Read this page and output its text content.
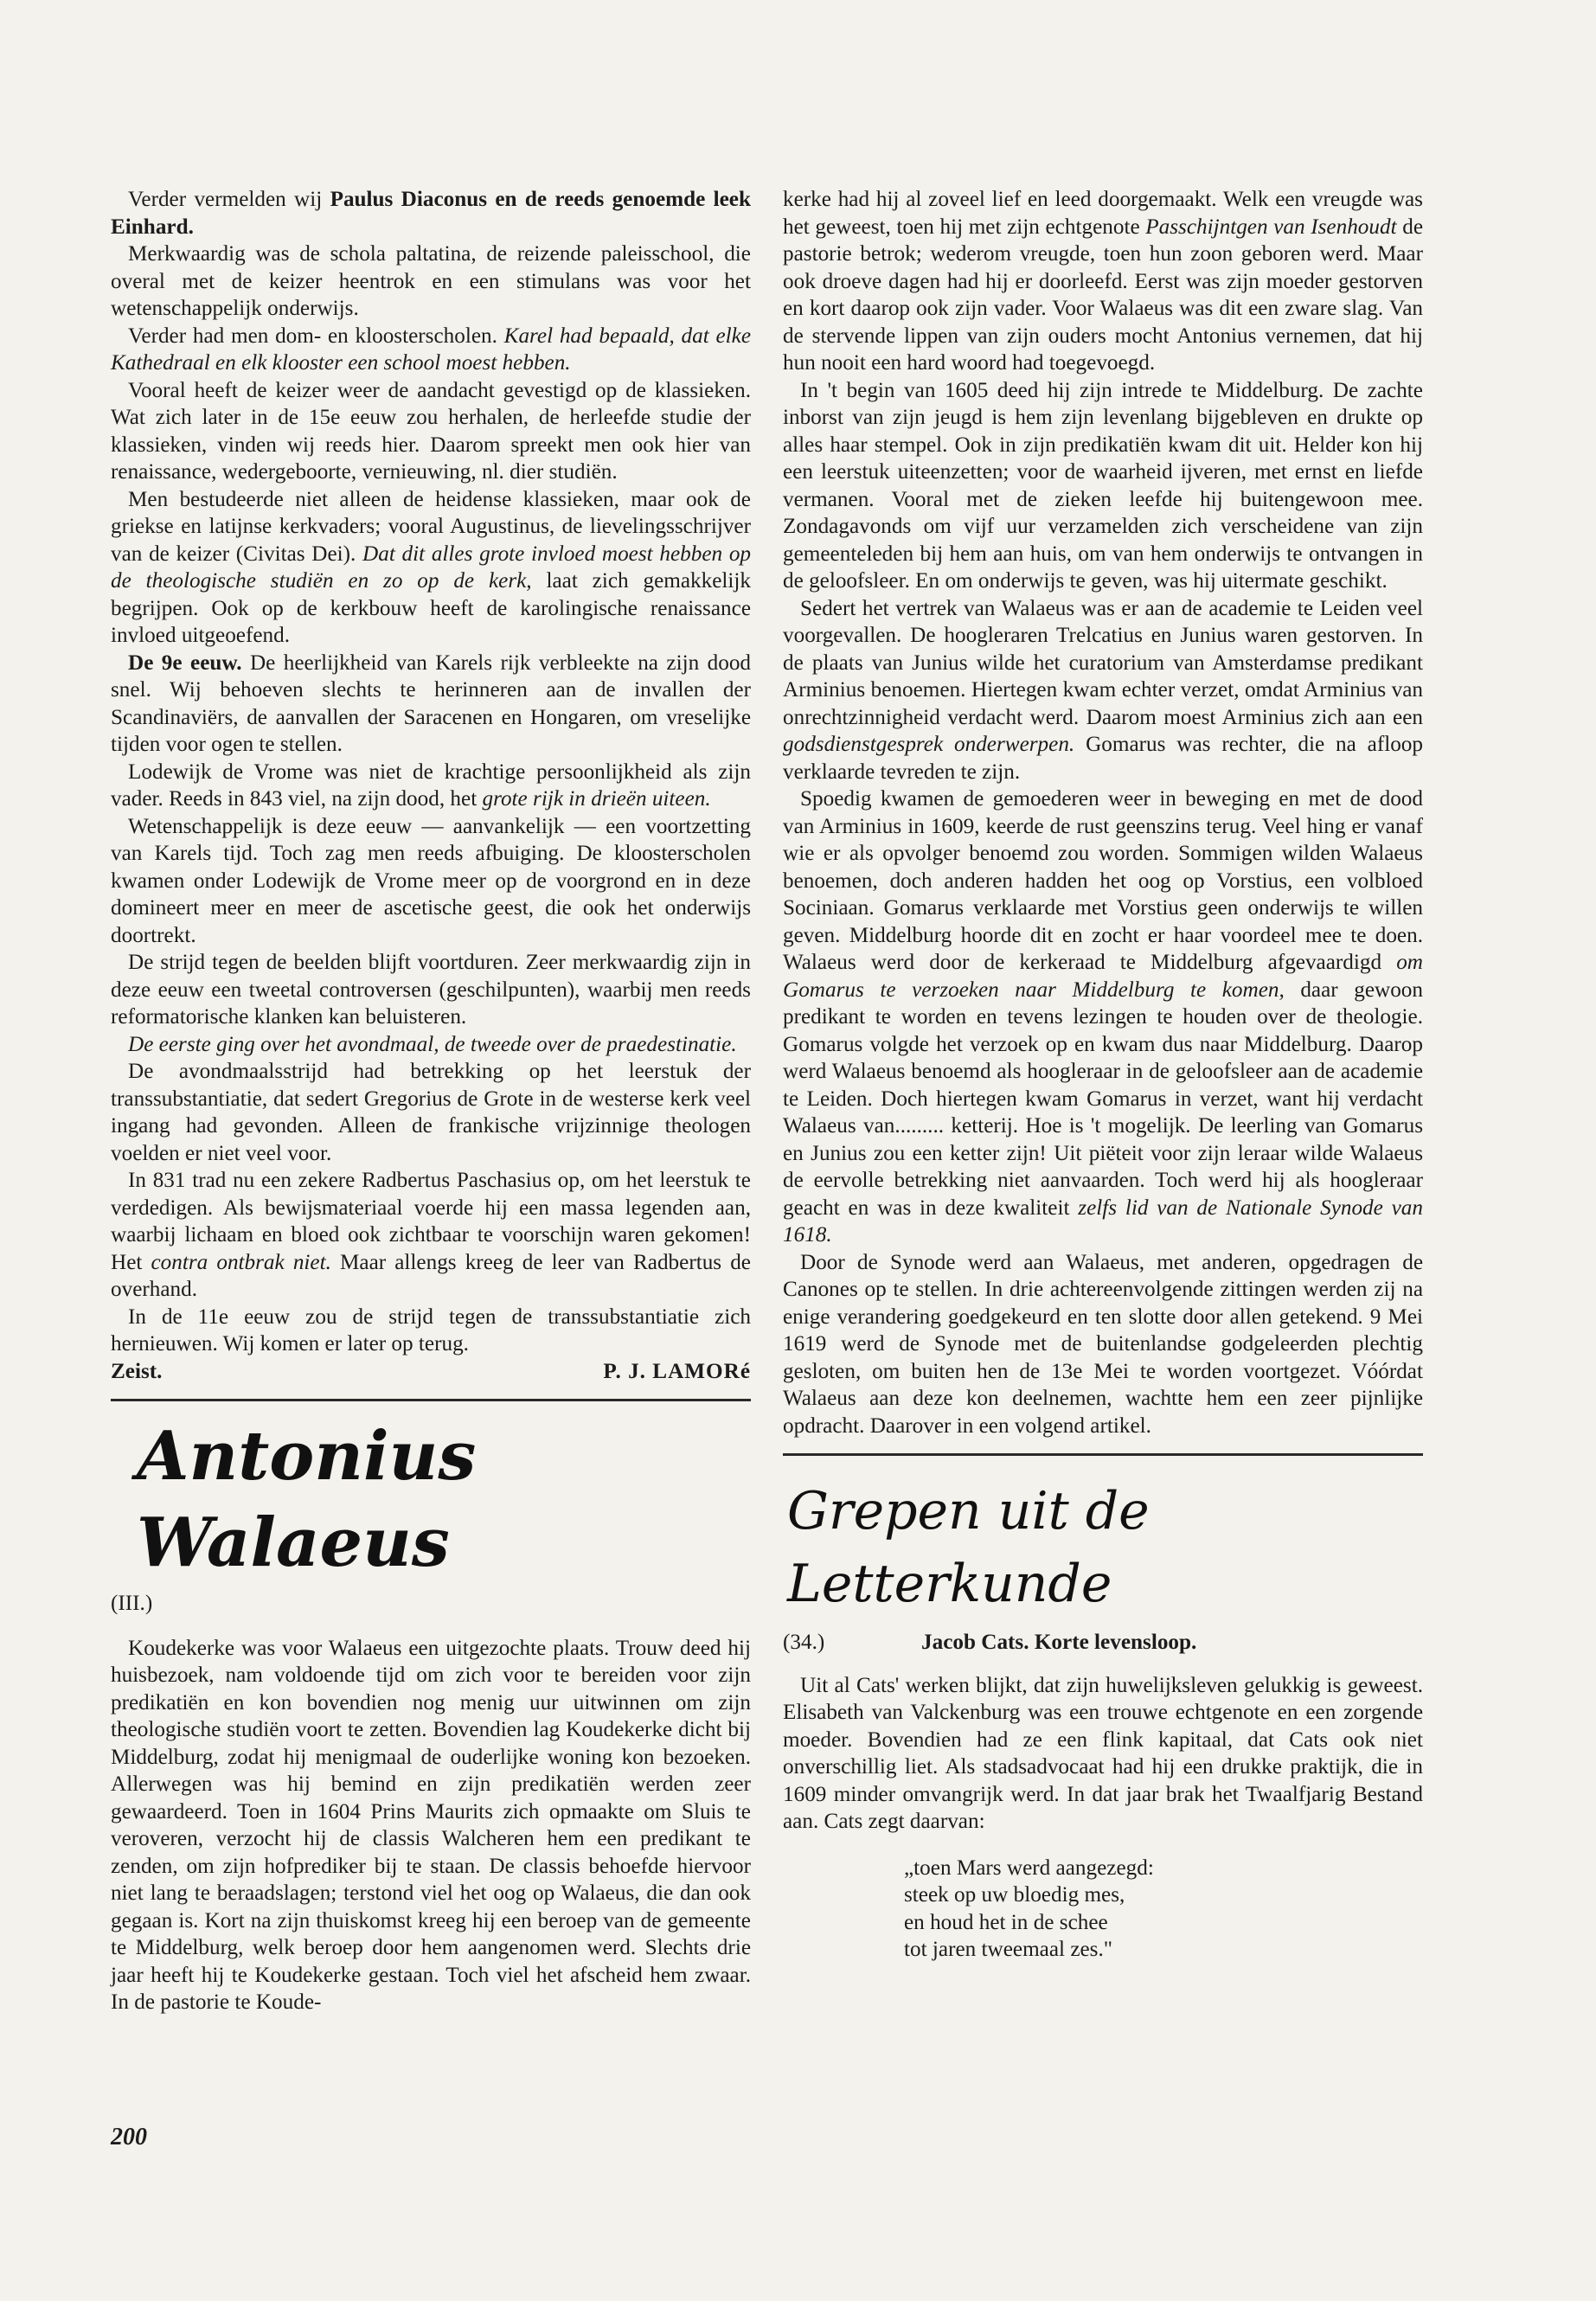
Verder vermelden wij Paulus Diaconus en de reeds genoemde leek Einhard.

Merkwaardig was de schola paltatina, de reizende paleisschool, die overal met de keizer heentrok en een stimulans was voor het wetenschappelijk onderwijs.

Verder had men dom- en kloosterscholen. Karel had bepaald, dat elke Kathedraal en elk klooster een school moest hebben.

Vooral heeft de keizer weer de aandacht gevestigd op de klassieken. Wat zich later in de 15e eeuw zou herhalen, de herleefde studie der klassieken, vinden wij reeds hier. Daarom spreekt men ook hier van renaissance, wedergeboorte, vernieuwing, nl. dier studiën.

Men bestudeerde niet alleen de heidense klassieken, maar ook de griekse en latijnse kerkvaders; vooral Augustinus, de lievelingsschrijver van de keizer (Civitas Dei). Dat dit alles grote invloed moest hebben op de theologische studiën en zo op de kerk, laat zich gemakkelijk begrijpen. Ook op de kerkbouw heeft de karolingische renaissance invloed uitgeoefend.

De 9e eeuw. De heerlijkheid van Karels rijk verbleekte na zijn dood snel. Wij behoeven slechts te herinneren aan de invallen der Scandinaviërs, de aanvallen der Saracenen en Hongaren, om vreselijke tijden voor ogen te stellen.

Lodewijk de Vrome was niet de krachtige persoonlijkheid als zijn vader. Reeds in 843 viel, na zijn dood, het grote rijk in drieën uiteen.

Wetenschappelijk is deze eeuw — aanvankelijk — een voortzetting van Karels tijd. Toch zag men reeds afbuiging. De kloosterscholen kwamen onder Lodewijk de Vrome meer op de voorgrond en in deze domineert meer en meer de ascetische geest, die ook het onderwijs doortrekt.

De strijd tegen de beelden blijft voortduren. Zeer merkwaardig zijn in deze eeuw een tweetal controversen (geschilpunten), waarbij men reeds reformatorische klanken kan beluisteren.

De eerste ging over het avondmaal, de tweede over de praedestinatie.

De avondmaalsstrijd had betrekking op het leerstuk der transsubstantiatie, dat sedert Gregorius de Grote in de westerse kerk veel ingang had gevonden. Alleen de frankische vrijzinnige theologen voelden er niet veel voor.

In 831 trad nu een zekere Radbertus Paschasius op, om het leerstuk te verdedigen. Als bewijsmateriaal voerde hij een massa legenden aan, waarbij lichaam en bloed ook zichtbaar te voorschijn waren gekomen! Het contra ontbrak niet. Maar allengs kreeg de leer van Radbertus de overhand.

In de 11e eeuw zou de strijd tegen de transsubstantiatie zich hernieuwen. Wij komen er later op terug.

Zeist.	P. J. LAMORé
Antonius Walaeus
(III.)

Koudekerke was voor Walaeus een uitgezochte plaats. Trouw deed hij huisbezoek, nam voldoende tijd om zich voor te bereiden voor zijn predikatiën en kon bovendien nog menig uur uitwinnen om zijn theologische studiën voort te zetten. Bovendien lag Koudekerke dicht bij Middelburg, zodat hij menigmaal de ouderlijke woning kon bezoeken. Allerwegen was hij bemind en zijn predikatiën werden zeer gewaardeerd. Toen in 1604 Prins Maurits zich opmaakte om Sluis te veroveren, verzocht hij de classis Walcheren hem een predikant te zenden, om zijn hofprediker bij te staan. De classis behoefde hiervoor niet lang te beraadslagen; terstond viel het oog op Walaeus, die dan ook gegaan is. Kort na zijn thuiskomst kreeg hij een beroep van de gemeente te Middelburg, welk beroep door hem aangenomen werd. Slechts drie jaar heeft hij te Koudekerke gestaan. Toch viel het afscheid hem zwaar. In de pastorie te Koude-

kerke had hij al zoveel lief en leed doorgemaakt. Welk een vreugde was het geweest, toen hij met zijn echtgenote Passchijntgen van Isenhoudt de pastorie betrok; wederom vreugde, toen hun zoon geboren werd. Maar ook droeve dagen had hij er doorleefd. Eerst was zijn moeder gestorven en kort daarop ook zijn vader. Voor Walaeus was dit een zware slag. Van de stervende lippen van zijn ouders mocht Antonius vernemen, dat hij hun nooit een hard woord had toegevoegd.

In 't begin van 1605 deed hij zijn intrede te Middelburg. De zachte inborst van zijn jeugd is hem zijn levenlang bijgebleven en drukte op alles haar stempel. Ook in zijn predikatiën kwam dit uit. Helder kon hij een leerstuk uiteenzetten; voor de waarheid ijveren, met ernst en liefde vermanen. Vooral met de zieken leefde hij buitengewoon mee. Zondagavonds om vijf uur verzamelden zich verscheidene van zijn gemeenteleden bij hem aan huis, om van hem onderwijs te ontvangen in de geloofsleer. En om onderwijs te geven, was hij uitermate geschikt.

Sedert het vertrek van Walaeus was er aan de academie te Leiden veel voorgevallen. De hoogleraren Trelcatius en Junius waren gestorven. In de plaats van Junius wilde het curatorium van Amsterdamse predikant Arminius benoemen. Hiertegen kwam echter verzet, omdat Arminius van onrechtzinnigheid verdacht werd. Daarom moest Arminius zich aan een godsdienstgesprek onderwerpen. Gomarus was rechter, die na afloop verklaarde tevreden te zijn.

Spoedig kwamen de gemoederen weer in beweging en met de dood van Arminius in 1609, keerde de rust geenszins terug. Veel hing er vanaf wie er als opvolger benoemd zou worden. Sommigen wilden Walaeus benoemen, doch anderen hadden het oog op Vorstius, een volbloed Sociniaan. Gomarus verklaarde met Vorstius geen onderwijs te willen geven. Middelburg hoorde dit en zocht er haar voordeel mee te doen. Walaeus werd door de kerkeraad te Middelburg afgevaardigd om Gomarus te verzoeken naar Middelburg te komen, daar gewoon predikant te worden en tevens lezingen te houden over de theologie. Gomarus volgde het verzoek op en kwam dus naar Middelburg. Daarop werd Walaeus benoemd als hoogleraar in de geloofsleer aan de academie te Leiden. Doch hiertegen kwam Gomarus in verzet, want hij verdacht Walaeus van......... ketterij. Hoe is 't mogelijk. De leerling van Gomarus en Junius zou een ketter zijn! Uit piëteit voor zijn leraar wilde Walaeus de eervolle betrekking niet aanvaarden. Toch werd hij als hoogleraar geacht en was in deze kwaliteit zelfs lid van de Nationale Synode van 1618.

Door de Synode werd aan Walaeus, met anderen, opgedragen de Canones op te stellen. In drie achtereenvolgende zittingen werden zij na enige verandering goedgekeurd en ten slotte door allen getekend. 9 Mei 1619 werd de Synode met de buitenlandse godgeleerden plechtig gesloten, om buiten hen de 13e Mei te worden voortgezet. Vóórdat Walaeus aan deze kon deelnemen, wachtte hem een zeer pijnlijke opdracht. Daarover in een volgend artikel.

Grepen uit de Letterkunde
(34.)	Jacob Cats. Korte levensloop.

Uit al Cats' werken blijkt, dat zijn huwelijksleven gelukkig is geweest. Elisabeth van Valckenburg was een trouwe echtgenote en een zorgende moeder. Bovendien had ze een flink kapitaal, dat Cats ook niet onverschillig liet. Als stadsadvocaat had hij een drukke praktijk, die in 1609 minder omvangrijk werd. In dat jaar brak het Twaalfjarig Bestand aan. Cats zegt daarvan:

„toen Mars werd aangezegd:
steek op uw bloedig mes,
en houd het in de schee
tot jaren tweemaal zes."
200
